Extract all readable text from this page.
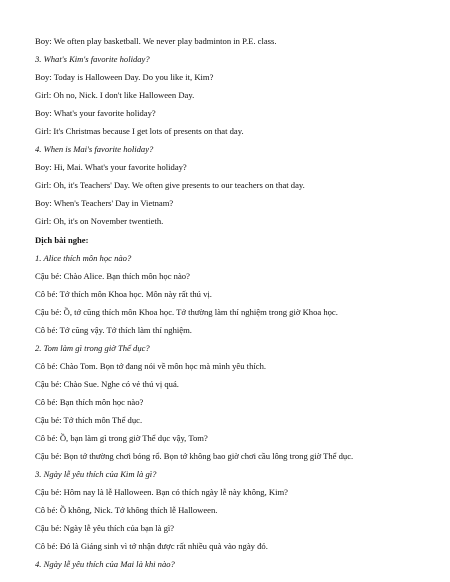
Boy: We often play basketball. We never play badminton in P.E. class.
3. What's Kim's favorite holiday?
Boy: Today is Halloween Day. Do you like it, Kim?
Girl: Oh no, Nick. I don't like Halloween Day.
Boy: What's your favorite holiday?
Girl: It's Christmas because I get lots of presents on that day.
4. When is Mai's favorite holiday?
Boy: Hi, Mai. What's your favorite holiday?
Girl: Oh, it's Teachers' Day. We often give presents to our teachers on that day.
Boy: When's Teachers' Day in Vietnam?
Girl: Oh, it's on November twentieth.
Dịch bài nghe:
1. Alice thích môn học nào?
Cậu bé: Chào Alice. Bạn thích môn học nào?
Cô bé: Tớ thích môn Khoa học. Môn này rất thú vị.
Cậu bé: Ồ, tớ cũng thích môn Khoa học. Tớ thường làm thí nghiệm trong giờ Khoa học.
Cô bé: Tớ cũng vậy. Tớ thích làm thí nghiệm.
2. Tom làm gì trong giờ Thể dục?
Cô bé: Chào Tom. Bọn tớ đang nói về môn học mà mình yêu thích.
Cậu bé: Chào Sue. Nghe có vẻ thú vị quá.
Cô bé: Bạn thích môn học nào?
Cậu bé: Tớ thích môn Thể dục.
Cô bé: Ồ, bạn làm gì trong giờ Thể dục vậy, Tom?
Cậu bé: Bọn tớ thường chơi bóng rổ. Bọn tớ không bao giờ chơi cầu lông trong giờ Thể dục.
3. Ngày lễ yêu thích của Kim là gì?
Cậu bé: Hôm nay là lễ Halloween. Bạn có thích ngày lễ này không, Kim?
Cô bé: Ồ không, Nick. Tớ không thích lễ Halloween.
Cậu bé: Ngày lễ yêu thích của bạn là gì?
Cô bé: Đó là Giáng sinh vì tớ nhận được rất nhiều quà vào ngày đó.
4. Ngày lễ yêu thích của Mai là khi nào?
